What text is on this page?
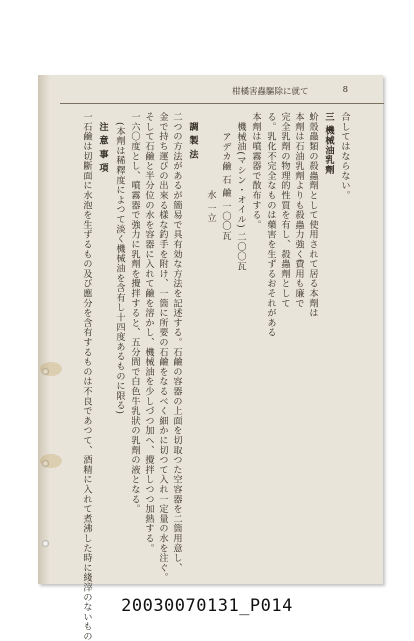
柑橘害蟲驅除に就て	8
合してはならない。
三 機械油乳劑
蚧殼蟲類の殺蟲劑として使用されて居る本劑は
本劑は石油乳劑よりも殺蟲力強く費用も廉で
完全乳劑の物理的性質を有し、殺蟲劑として
る。乳化不完全なものは藥害を生ずるおそれがある
本劑は噴霧器で散布する。
機械油(マシン・オイル) 二〇〇瓦
アデカ鹼 石 鹼 一〇〇瓦
水 一立
調 製 法
二つの方法があるが簡易で具有効な方法を記述する。石鹼の容器の上面を切取つた空容器を二箇用意し、
金で持ち運びの出來る樣な釣手を附け、一箇に所要の石鹼をなるべく細かに切つて入れ一定量の水を注ぐ。
そして石鹼と半分位の水を容器に入れて鹼を溶かし、機械油を少しづつ加へ、攪拌しつつ加熱する。
一六〇度とし、噴霧器で強力に乳劑を攪拌すると、五分間で白色牛乳狀の乳劑の液となる。
(本劑は稀釋度によつて淡く機械油を含有し十四度あるものに限る)
一石鹼は切斷面に水泡を生ずるもの及び應分を含有するものは不良であつて、酒精に入れて煮沸した時に綫滓のないもの 注 意 事 項
20030070131_P014
